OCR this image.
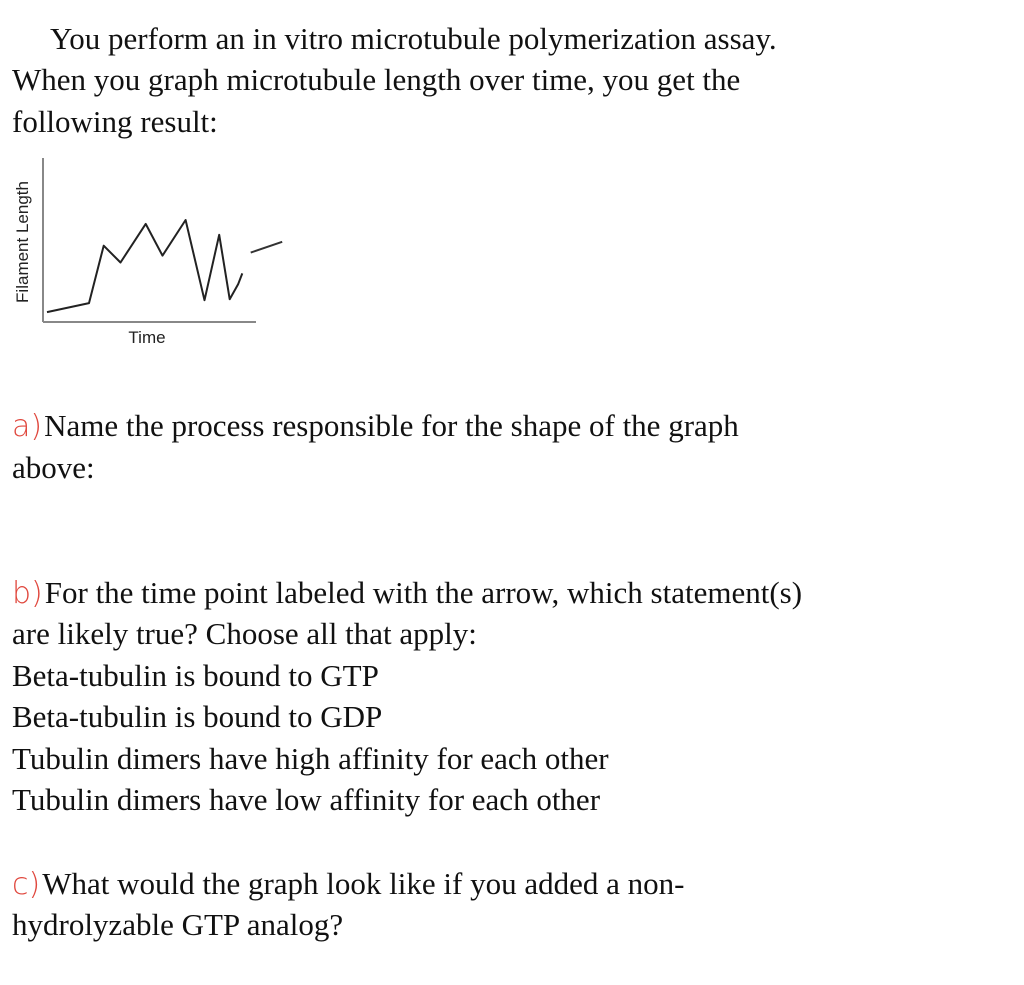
You perform an in vitro microtubule polymerization assay.
When you graph microtubule length over time, you get the
following result:
Filament Length
Time
a)Name the process responsible for the shape of the graph
above:
b)For the time point labeled with the arrow, which statement(s)
are likely true? Choose all that apply:
Beta-tubulin is bound to GTP
Beta-tubulin is bound to GDP
Tubulin dimers have high affinity for each other
Tubulin dimers have low affinity for each other
c)What would the graph look like if you added a non-
hydrolyzable GTP analog?
